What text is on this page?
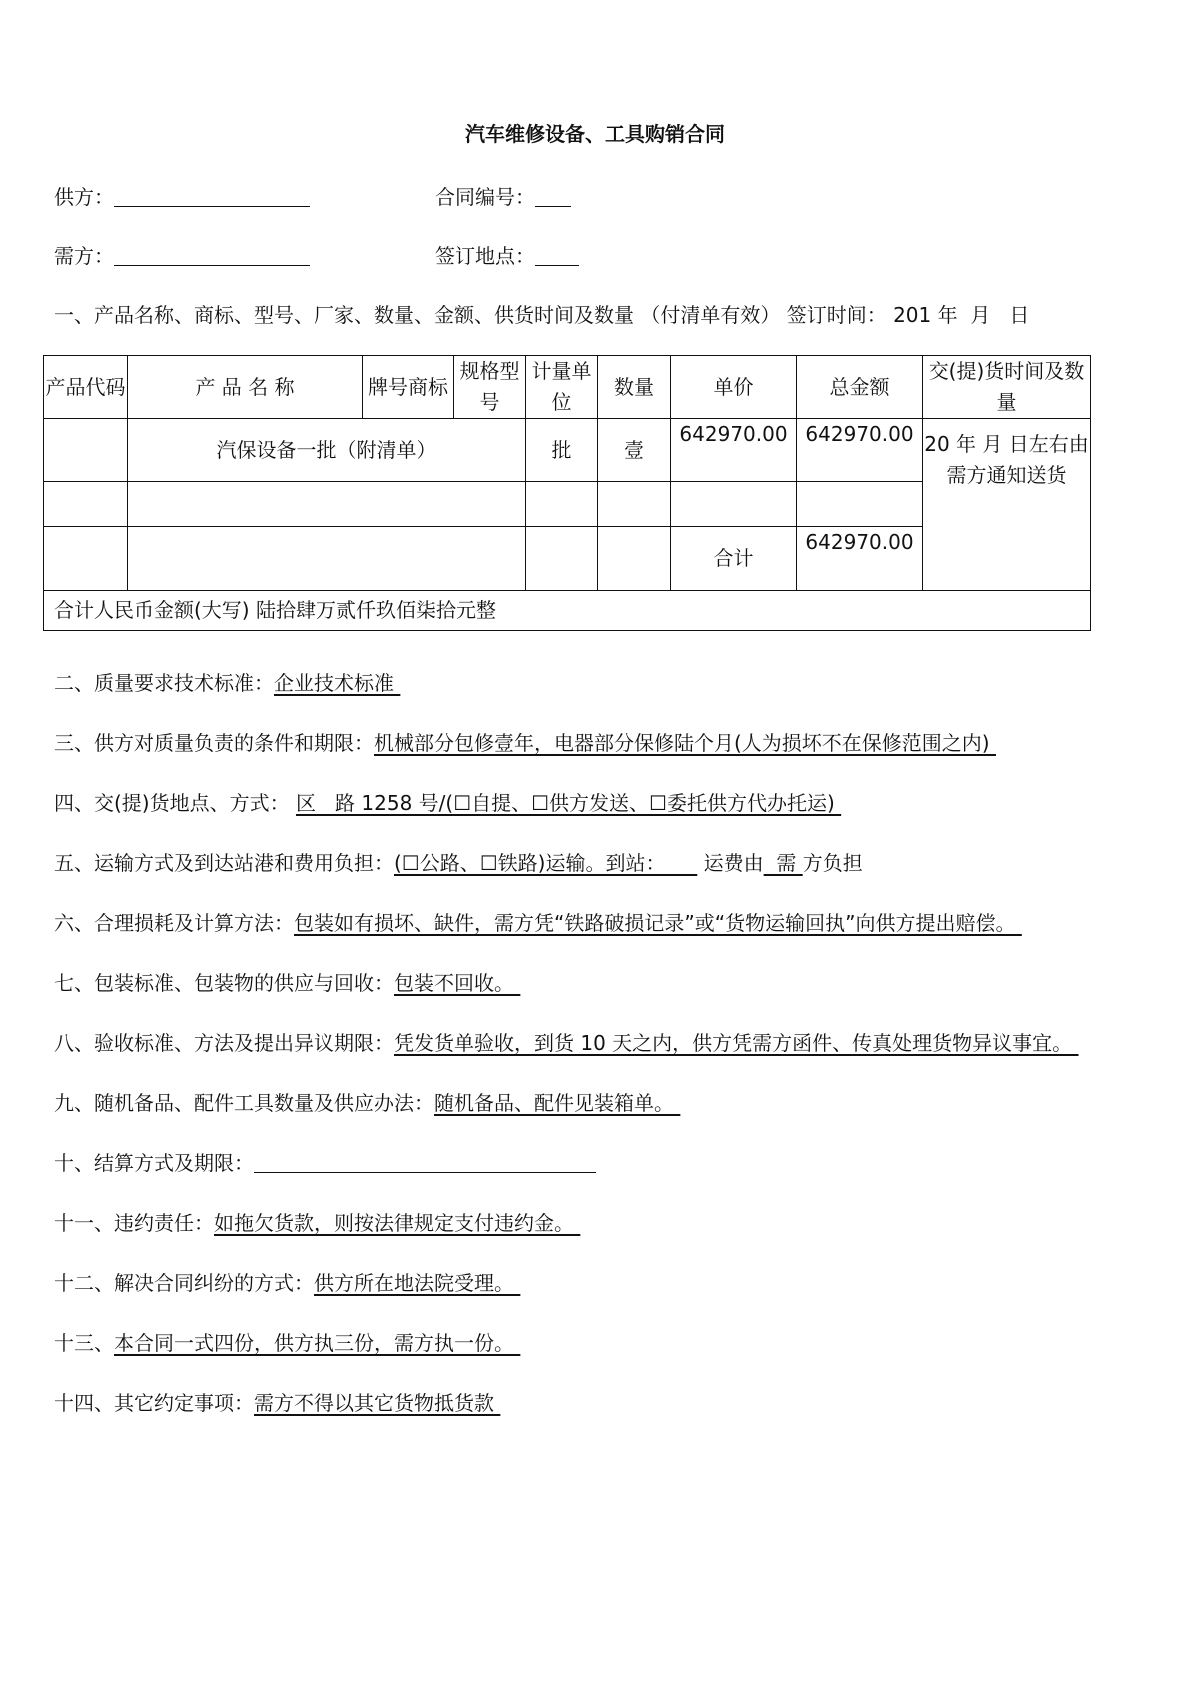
汽车维修设备、工具购销合同
供方：	合同编号：
需方：	签订地点：
一、产品名称、商标、型号、厂家、数量、金额、供货时间及数量 （付清单有效） 签订时间： 201 年  月   日
产品代码	产 品 名 称	牌号商标	规格型号	计量单位	数量	单价	总金额	交(提)货时间及数量
	汽保设备一批（附清单）			批	壹	642970.00	642970.00	20 年 月 日左右由需方通知送货

						合计	642970.00	
合计人民币金额(大写) 陆拾肆万贰仟玖佰柒拾元整								
二、质量要求技术标准：企业技术标准
三、供方对质量负责的条件和期限：机械部分包修壹年，电器部分保修陆个月(人为损坏不在保修范围之内)
四、交(提)货地点、方式： 区   路 1258 号/(☐自提、☐供方发送、☐委托供方代办托运)
五、运输方式及到达站港和费用负担：(☐公路、☐铁路)运输。到站：      运费由  需 方负担
六、合理损耗及计算方法：包装如有损坏、缺件，需方凭“铁路破损记录”或“货物运输回执”向供方提出赔偿。
七、包装标准、包装物的供应与回收：包装不回收。
八、验收标准、方法及提出异议期限：凭发货单验收，到货 10 天之内，供方凭需方函件、传真处理货物异议事宜。
九、随机备品、配件工具数量及供应办法：随机备品、配件见装箱单。
十、结算方式及期限：
十一、违约责任：如拖欠货款，则按法律规定支付违约金。
十二、解决合同纠纷的方式：供方所在地法院受理。
十三、本合同一式四份，供方执三份，需方执一份。
十四、其它约定事项：需方不得以其它货物抵货款
